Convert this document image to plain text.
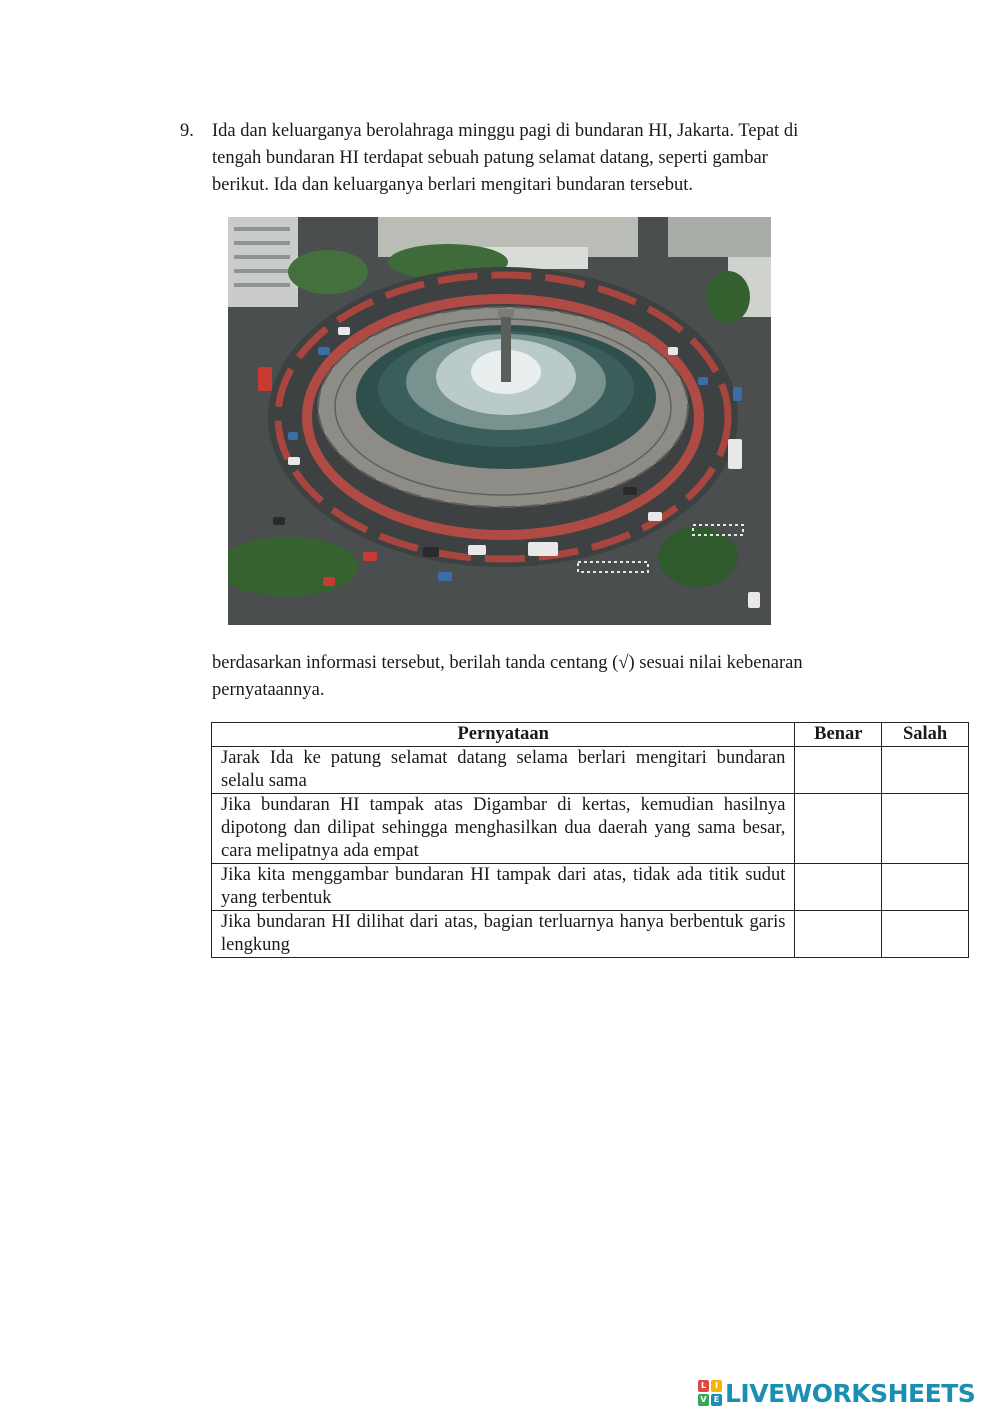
9. Ida dan keluarganya berolahraga minggu pagi di bundaran HI, Jakarta. Tepat di
tengah bundaran HI terdapat sebuah patung selamat datang, seperti gambar
berikut. Ida dan keluarganya berlari mengitari bundaran tersebut.
berdasarkan informasi tersebut, berilah tanda centang (√) sesuai nilai kebenaran
pernyataannya.
Pernyataan	Benar	Salah
Jarak Ida ke patung selamat datang selama berlari mengitari bundaran selalu sama		
Jika bundaran HI tampak atas Digambar di kertas, kemudian hasilnya dipotong dan dilipat sehingga menghasilkan dua daerah yang sama besar, cara melipatnya ada empat		
Jika kita menggambar bundaran HI tampak dari atas, tidak ada titik sudut yang terbentuk		
Jika bundaran HI dilihat dari atas, bagian terluarnya hanya berbentuk garis lengkung		
L	I
V E LIVEWORKSHEETS
